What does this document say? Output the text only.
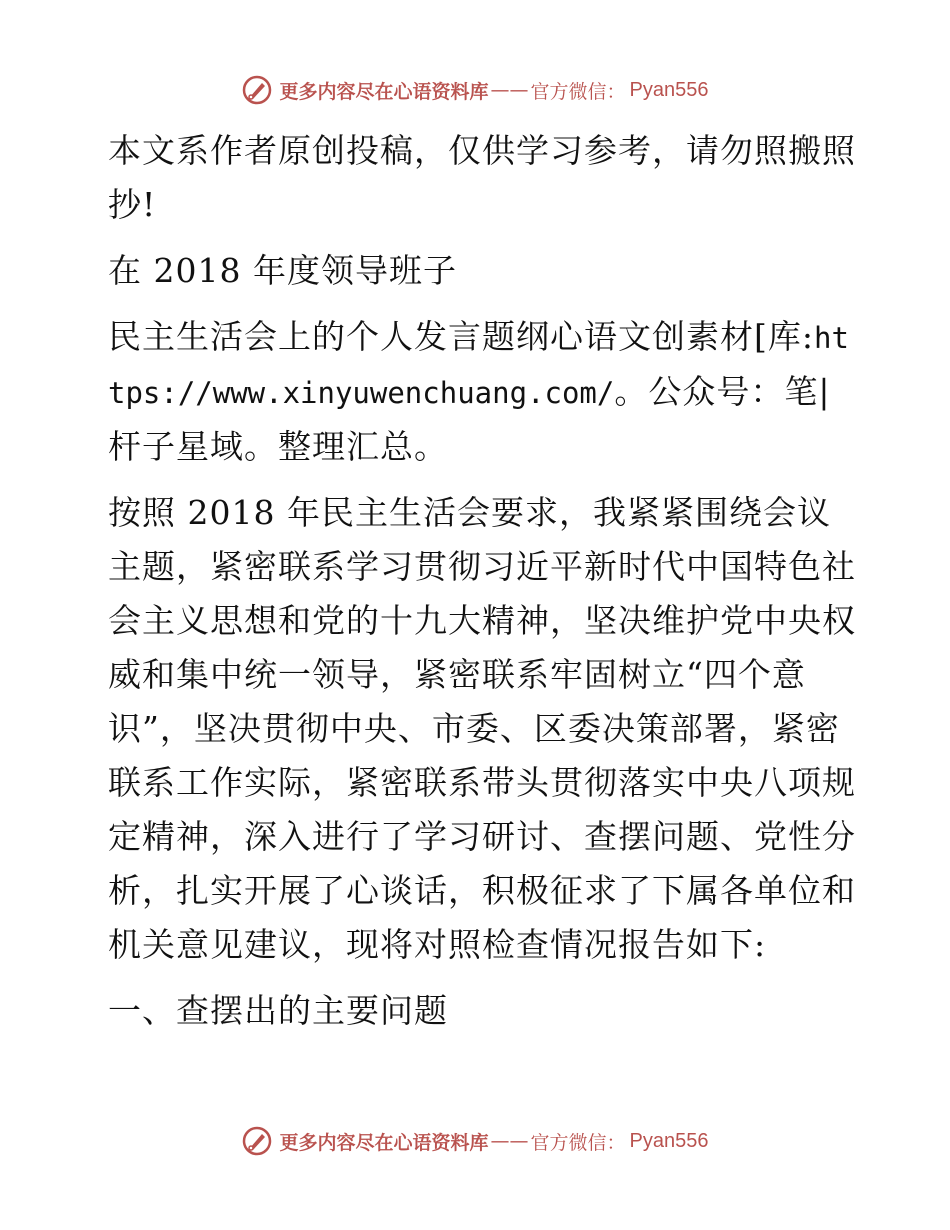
更多内容尽在心语资料库 —— 官方微信： Pyan556

本文系作者原创投稿，仅供学习参考，请勿照搬照抄!

在 2018 年度领导班子

民主生活会上的个人发言题纲心语文创素材[库:https://www.xinyuwenchuang.com/。公众号：笔|杆子星域。整理汇总。

按照 2018 年民主生活会要求，我紧紧围绕会议主题，紧密联系学习贯彻习近平新时代中国特色社会主义思想和党的十九大精神，坚决维护党中央权威和集中统一领导，紧密联系牢固树立“四个意识”，坚决贯彻中央、市委、区委决策部署，紧密联系工作实际，紧密联系带头贯彻落实中央八项规定精神，深入进行了学习研讨、查摆问题、党性分析，扎实开展了心谈话，积极征求了下属各单位和机关意见建议，现将对照检查情况报告如下:

一、查摆出的主要问题

更多内容尽在心语资料库 —— 官方微信： Pyan556
